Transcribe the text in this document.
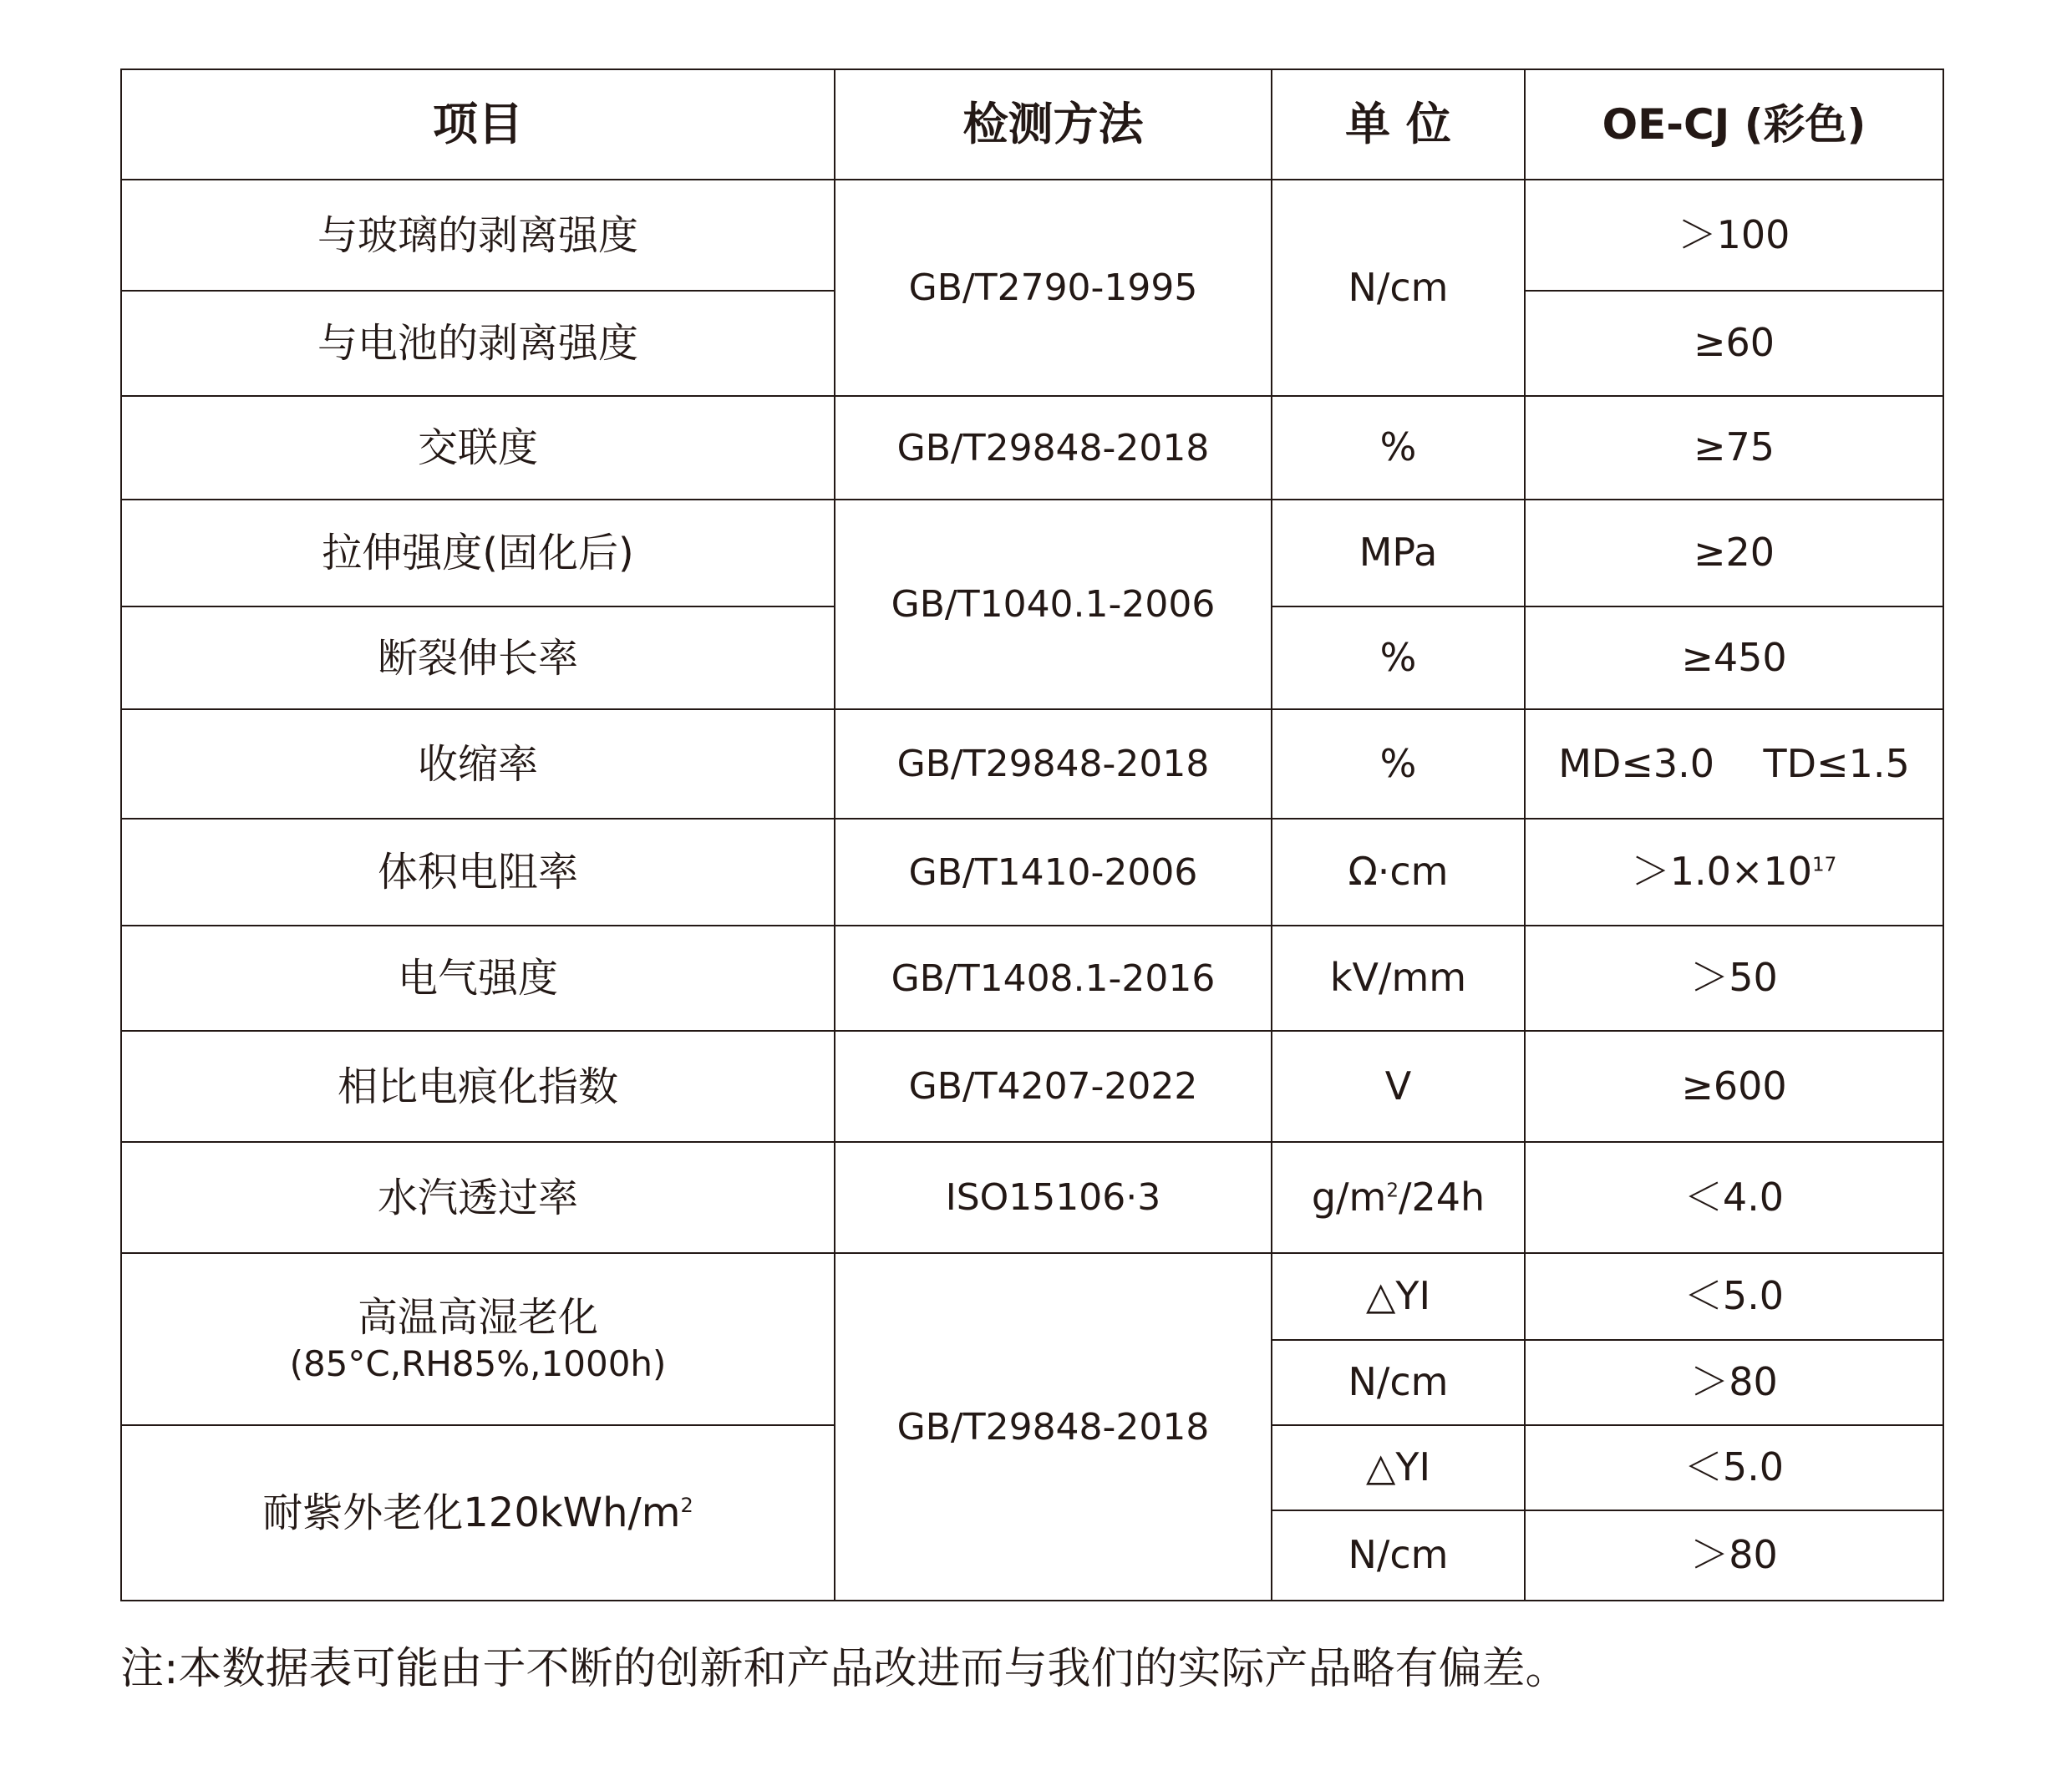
项目	检测方法	单 位	OE-CJ (彩色)
与玻璃的剥离强度	GB/T2790-1995	N/cm	＞100
与电池的剥离强度			≥60
交联度	GB/T29848-2018	%	≥75
拉伸强度(固化后)	GB/T1040.1-2006	MPa	≥20
断裂伸长率		%	≥450
收缩率	GB/T29848-2018	%	MD≤3.0    TD≤1.5
体积电阻率	GB/T1410-2006	Ω·cm	$>1.0\times 10^{17}$
电气强度	GB/T1408.1-2016	kV/mm	＞50
相比电痕化指数	GB/T4207-2022	V	≥600
水汽透过率	ISO15106·3	$g/m^2/24h$	＜4.0
高温高湿老化
(85°C,RH85%,1000h)	GB/T29848-2018	△YI	＜5.0
		N/cm	＞80
耐紫外老化$120kWh/m^2$		△YI	＜5.0
		N/cm	＞80
注:本数据表可能由于不断的创新和产品改进而与我们的实际产品略有偏差。
